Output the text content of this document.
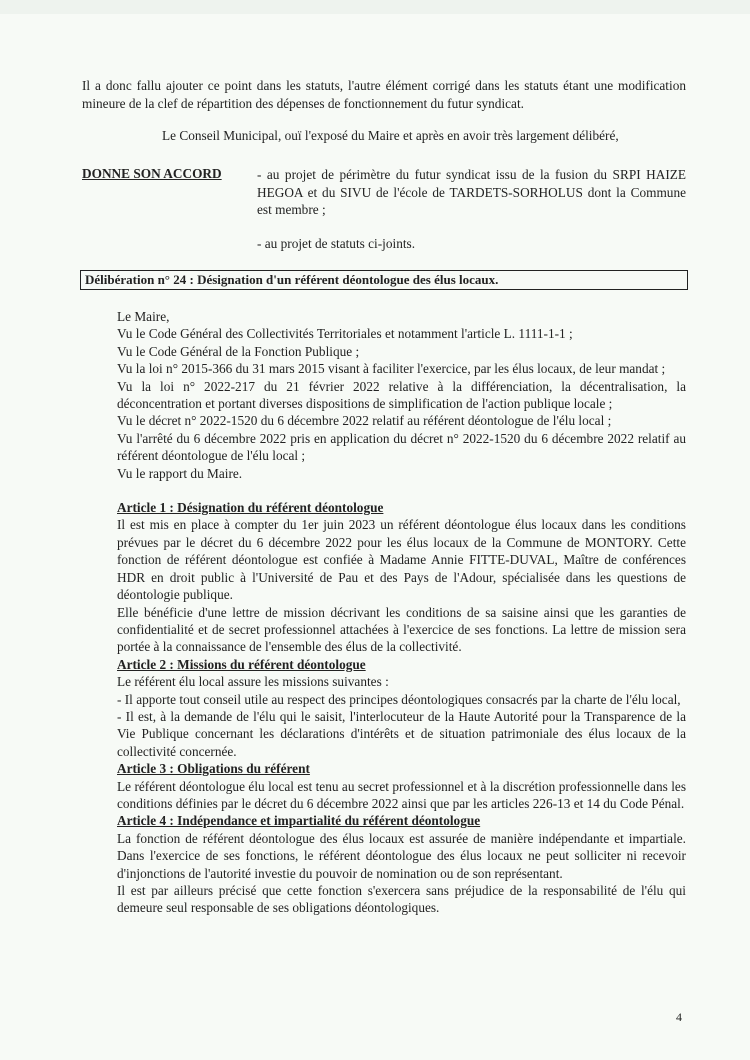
Il a donc fallu ajouter ce point dans les statuts, l'autre élément corrigé dans les statuts étant une modification mineure de la clef de répartition des dépenses de fonctionnement du futur syndicat.

Le Conseil Municipal, ouï l'exposé du Maire et après en avoir très largement délibéré,

DONNE SON ACCORD	- au projet de périmètre du futur syndicat issu de la fusion du SRPI HAIZE HEGOA et du SIVU de l'école de TARDETS-SORHOLUS dont la Commune est membre ;

- au projet de statuts ci-joints.

Délibération n° 24 : Désignation d'un référent déontologue des élus locaux.

Le Maire,

Vu le Code Général des Collectivités Territoriales et notamment l'article L. 1111-1-1 ;

Vu le Code Général de la Fonction Publique ;

Vu la loi n° 2015-366 du 31 mars 2015 visant à faciliter l'exercice, par les élus locaux, de leur mandat ;

Vu la loi n° 2022-217 du 21 février 2022 relative à la différenciation, la décentralisation, la déconcentration et portant diverses dispositions de simplification de l'action publique locale ;

Vu le décret n° 2022-1520 du 6 décembre 2022 relatif au référent déontologue de l'élu local ;

Vu l'arrêté du 6 décembre 2022 pris en application du décret n° 2022-1520 du 6 décembre 2022 relatif au référent déontologue de l'élu local ;

Vu le rapport du Maire.

Article 1 : Désignation du référent déontologue

Il est mis en place à compter du 1er juin 2023 un référent déontologue élus locaux dans les conditions prévues par le décret du 6 décembre 2022 pour les élus locaux de la Commune de MONTORY. Cette fonction de référent déontologue est confiée à Madame Annie FITTE-DUVAL, Maître de conférences HDR en droit public à l'Université de Pau et des Pays de l'Adour, spécialisée dans les questions de déontologie publique.

Elle bénéficie d'une lettre de mission décrivant les conditions de sa saisine ainsi que les garanties de confidentialité et de secret professionnel attachées à l'exercice de ses fonctions. La lettre de mission sera portée à la connaissance de l'ensemble des élus de la collectivité.

Article 2 : Missions du référent déontologue

Le référent élu local assure les missions suivantes :

- Il apporte tout conseil utile au respect des principes déontologiques consacrés par la charte de l'élu local,

- Il est, à la demande de l'élu qui le saisit, l'interlocuteur de la Haute Autorité pour la Transparence de la Vie Publique concernant les déclarations d'intérêts et de situation patrimoniale des élus locaux de la collectivité concernée.

Article 3 : Obligations du référent

Le référent déontologue élu local est tenu au secret professionnel et à la discrétion professionnelle dans les conditions définies par le décret du 6 décembre 2022 ainsi que par les articles 226-13 et 14 du Code Pénal.

Article 4 : Indépendance et impartialité du référent déontologue

La fonction de référent déontologue des élus locaux est assurée de manière indépendante et impartiale. Dans l'exercice de ses fonctions, le référent déontologue des élus locaux ne peut solliciter ni recevoir d'injonctions de l'autorité investie du pouvoir de nomination ou de son représentant.

Il est par ailleurs précisé que cette fonction s'exercera sans préjudice de la responsabilité de l'élu qui demeure seul responsable de ses obligations déontologiques.

4
